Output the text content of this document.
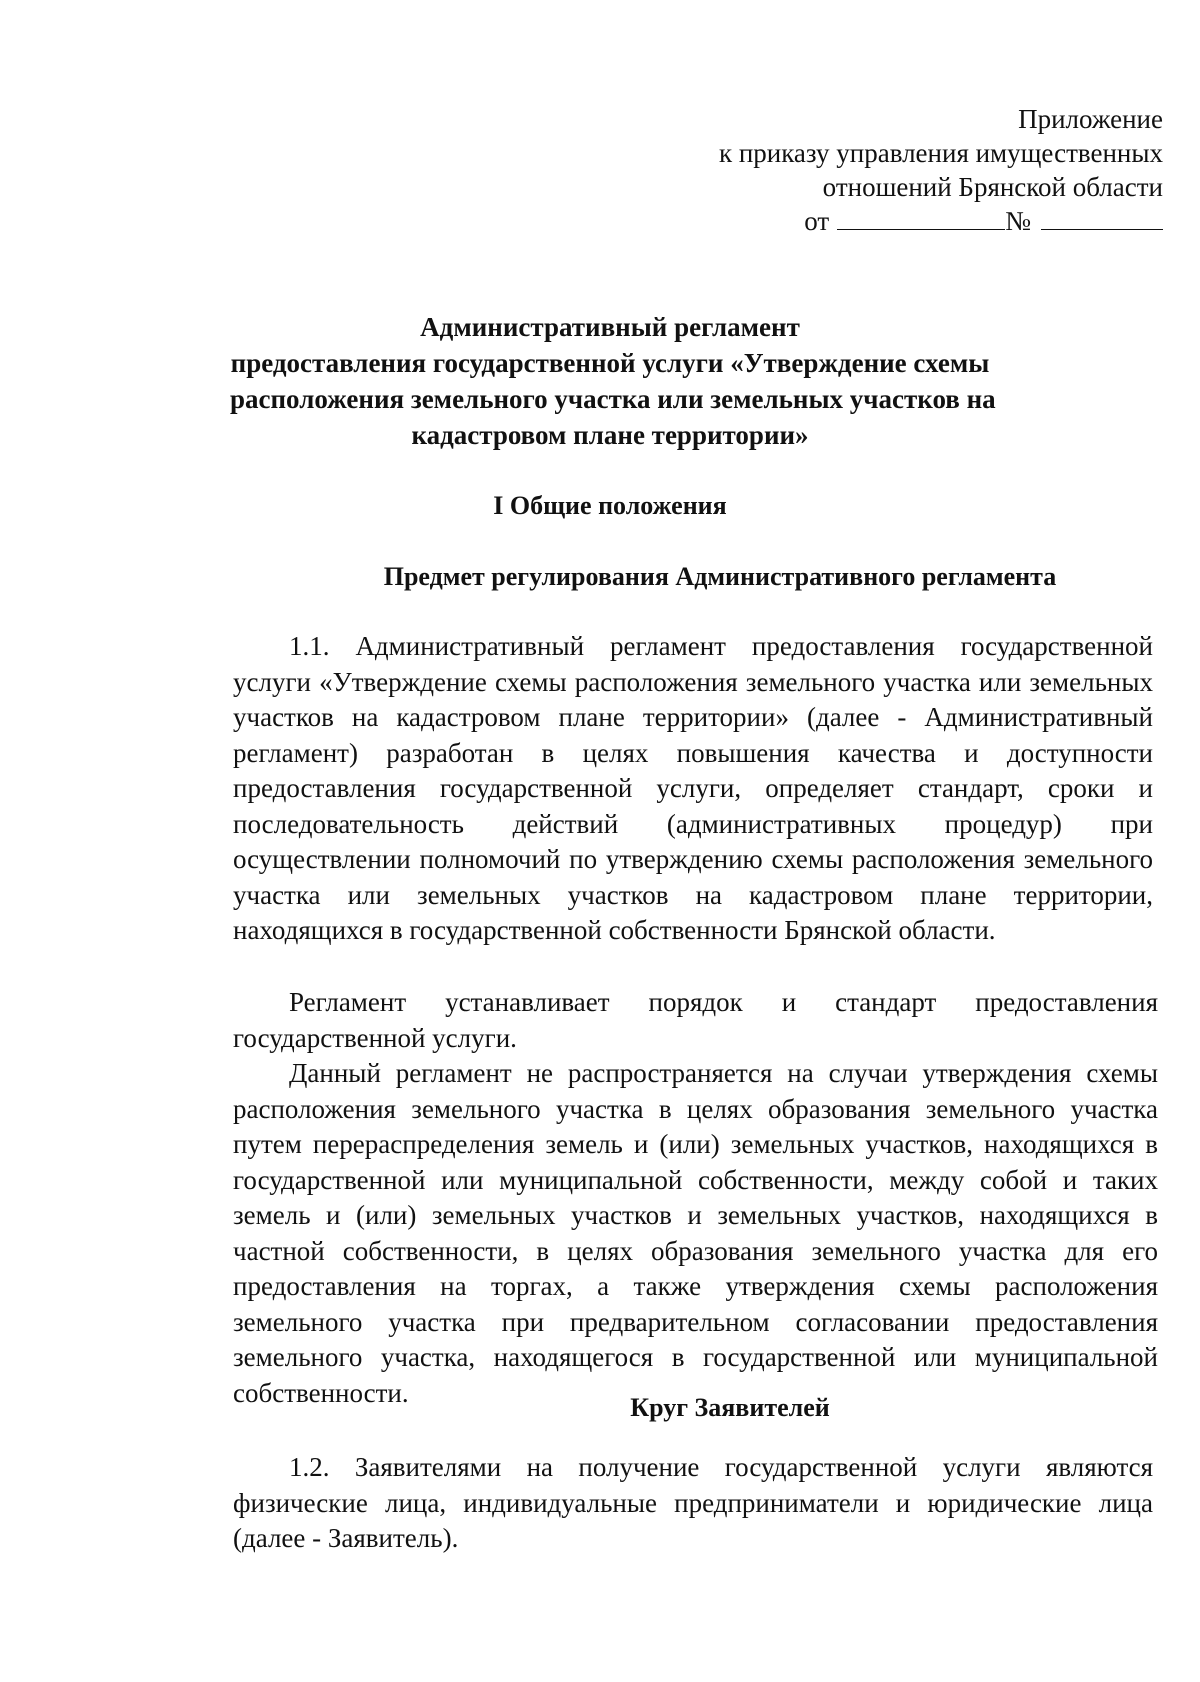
Приложение
к приказу управления имущественных
отношений Брянской области
от	№
Административный регламент
предоставления государственной услуги «Утверждение схемы
расположения земельного участка или земельных участков на
кадастровом плане территории»
I Общие положения
Предмет регулирования Административного регламента

1.1. Административный регламент предоставления государственной услуги «Утверждение схемы расположения земельного участка или земельных участков на кадастровом плане территории» (далее - Административный регламент) разработан в целях повышения качества и доступности предоставления государственной услуги, определяет стандарт, сроки и последовательность действий (административных процедур) при осуществлении полномочий по утверждению схемы расположения земельного участка или земельных участков на кадастровом плане территории, находящихся в государственной собственности Брянской области.

Регламент устанавливает порядок и стандарт предоставления государственной услуги.

Данный регламент не распространяется на случаи утверждения схемы расположения земельного участка в целях образования земельного участка путем перераспределения земель и (или) земельных участков, находящихся в государственной или муниципальной собственности, между собой и таких земель и (или) земельных участков и земельных участков, находящихся в частной собственности, в целях образования земельного участка для его предоставления на торгах, а также утверждения схемы расположения земельного участка при предварительном согласовании предоставления земельного участка, находящегося в государственной или муниципальной собственности.	Круг Заявителей

1.2. Заявителями на получение государственной услуги являются физические лица, индивидуальные предприниматели и юридические лица (далее - Заявитель).
